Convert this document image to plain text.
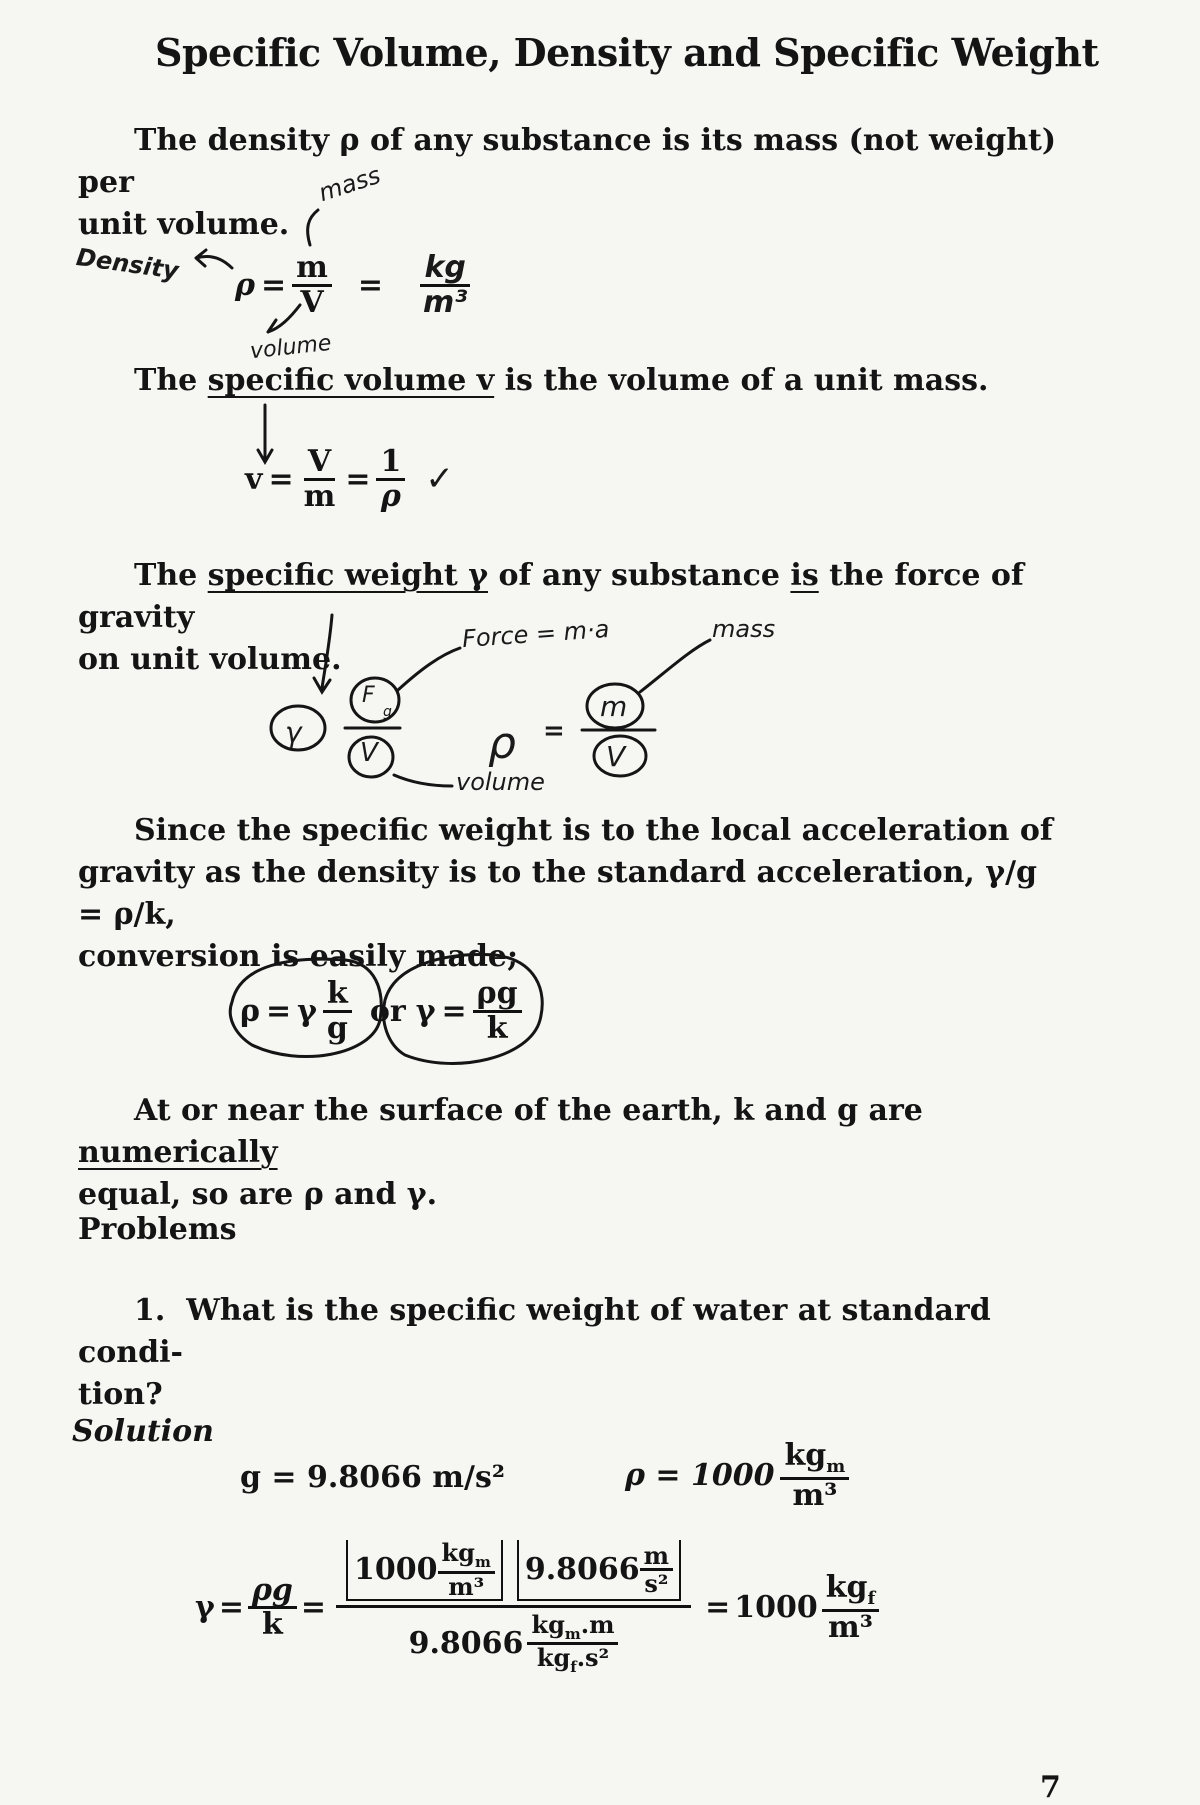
Specific Volume, Density and Specific Weight
The density ρ of any substance is its mass (not weight) per
unit volume.
mass
Density $\rho = \frac{m}{V} = \frac{kg}{\text{m³}}$
volume
The specific volume v is the volume of a unit mass.
$v = \frac{V}{m} = \frac{1}{\rho}$ ✓
The specific weight γ of any substance is the force of gravity
on unit volume.
Force = m·a	mass
γ
F
g
V	ρ =
m
V
volume
Since the specific weight is to the local acceleration of
gravity as the density is to the standard acceleration, γ/g = ρ/k,
conversion is easily made;
ρ = γ $\frac{k}{g}$ or $\gamma = \frac{\rho g}{k}$
At or near the surface of the earth, k and g are numerically
equal, so are ρ and γ.
Problems
1. What is the specific weight of water at standard condi-
tion?
Solution
g = 9.8066 m/s²	$\rho = 1000 \frac{kg_m}{\text{m³}}$
$\gamma = \frac{\rho g}{k}$ =
$1000 \frac{kg_m}{\text{m³}} 9.8066 \frac{m}{\text{s²}}$
$9.8066 \frac{kg_m.m}{kg_f.s^2}$
= $1000 \frac{kg_f}{\text{m³}}$
7
